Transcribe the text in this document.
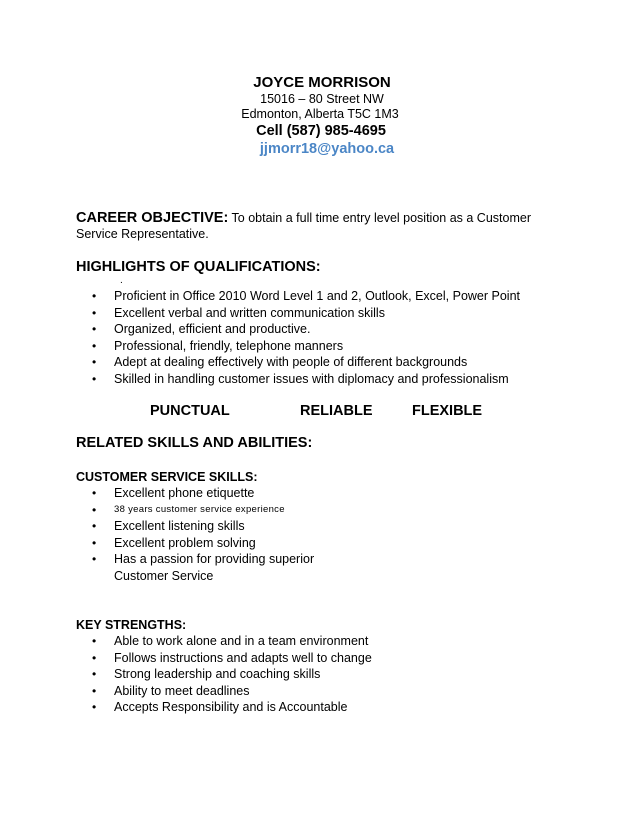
JOYCE MORRISON
15016 – 80 Street NW
Edmonton, Alberta T5C 1M3
Cell (587) 985-4695
jjmorr18@yahoo.ca
CAREER OBJECTIVE: To obtain a full time entry level position as a Customer Service Representative.
HIGHLIGHTS OF QUALIFICATIONS:
.
• Proficient in Office 2010 Word Level 1 and 2, Outlook, Excel, Power Point
• Excellent verbal and written communication skills
• Organized, efficient and productive.
• Professional, friendly, telephone manners
• Adept at dealing effectively with people of different backgrounds
• Skilled in handling customer issues with diplomacy and professionalism
PUNCTUAL	RELIABLE	FLEXIBLE
RELATED SKILLS AND ABILITIES:
CUSTOMER SERVICE SKILLS:
• Excellent phone etiquette
• 38 years customer service experience
• Excellent listening skills
• Excellent problem solving
• Has a passion for providing superior
Customer Service
KEY STRENGTHS:
• Able to work alone and in a team environment
• Follows instructions and adapts well to change
• Strong leadership and coaching skills
• Ability to meet deadlines
• Accepts Responsibility and is Accountable
